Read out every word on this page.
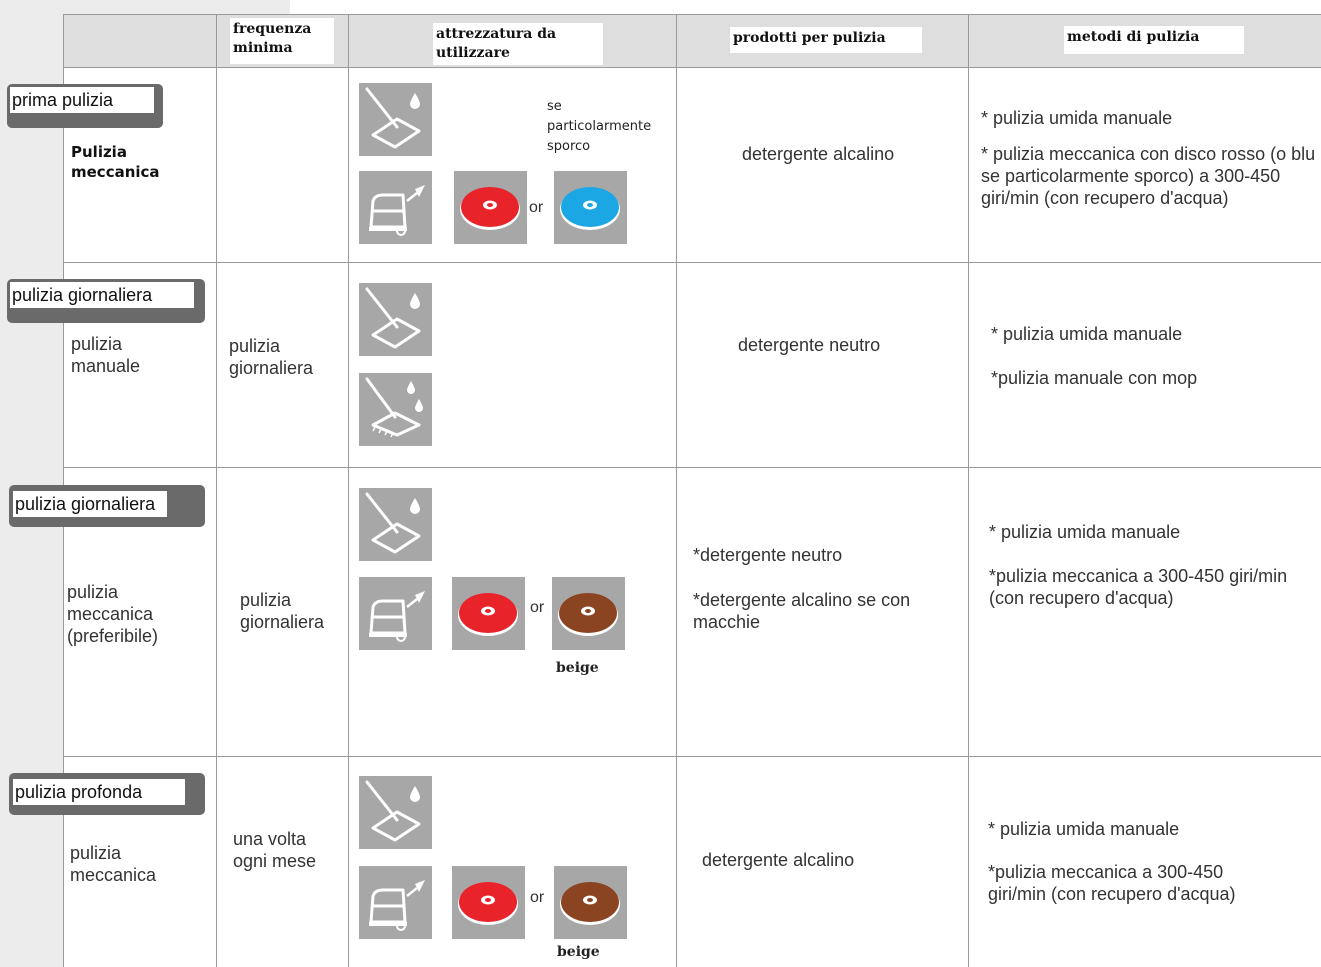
frequenza minima
attrezzatura da utilizzare
prodotti per pulizia	metodi di pulizia
prima pulizia
Pulizia meccanica
se particolarmente sporco
or
detergente alcalino
* pulizia umida manuale
* pulizia meccanica con disco rosso (o blu se particolarmente sporco) a 300-450 giri/min (con recupero d'acqua)
pulizia giornaliera
pulizia manuale
pulizia giornaliera
detergente neutro
* pulizia umida manuale
*pulizia manuale con mop
pulizia giornaliera
pulizia meccanica (preferibile)
pulizia giornaliera
or
beige
*detergente neutro
*detergente alcalino se con macchie
* pulizia umida manuale
*pulizia meccanica a 300-450 giri/min (con recupero d'acqua)
pulizia profonda
pulizia meccanica
una volta ogni mese
or
beige
detergente alcalino
* pulizia umida manuale
*pulizia meccanica a 300-450 giri/min (con recupero d'acqua)
